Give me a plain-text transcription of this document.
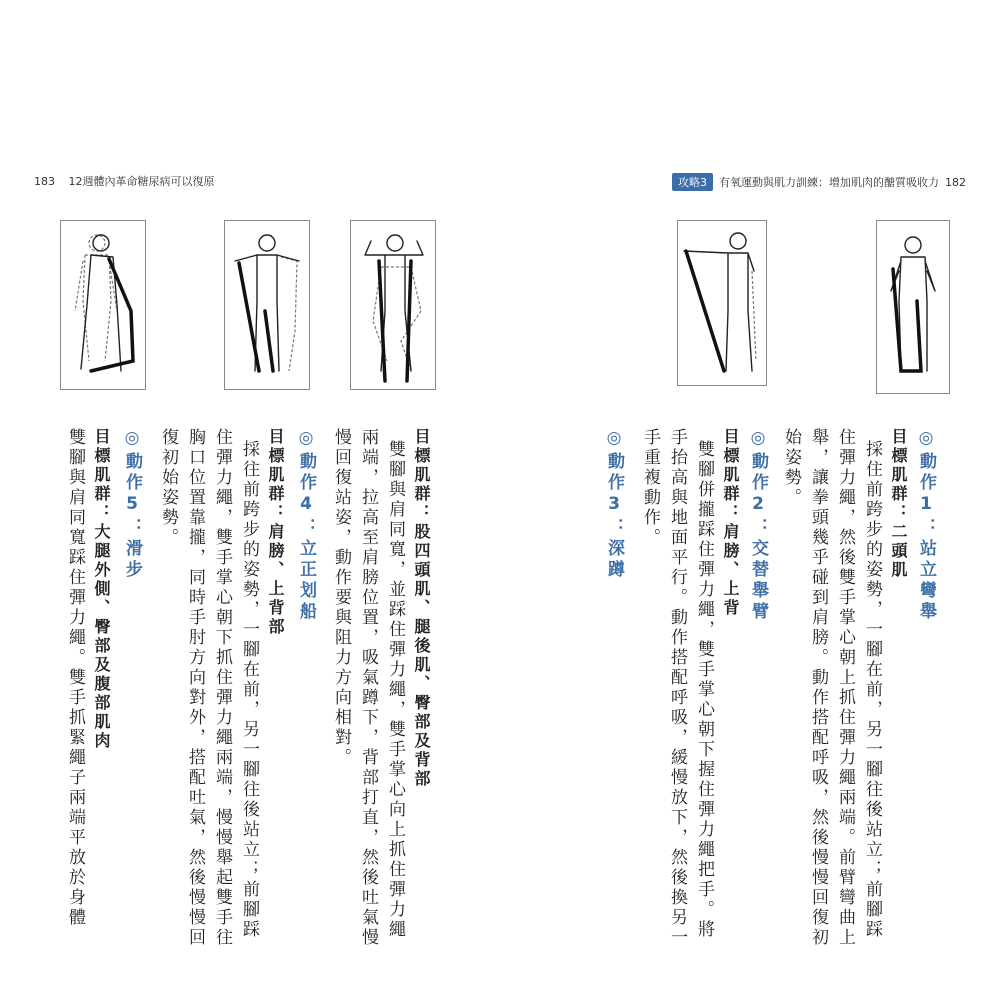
183 12週體內革命糖尿病可以復原	攻略3	有氧運動與肌力訓練：增加肌肉的醣質吸收力 182
◎動作1：站立彎舉
目標肌群：二頭肌
採住前跨步的姿勢，一腳在前，另一腳往後站立；前腳踩
住彈力繩，然後雙手掌心朝上抓住彈力繩兩端。前臂彎曲上
舉，讓拳頭幾乎碰到肩膀。動作搭配呼吸，然後慢慢回復初
始姿勢。
◎動作2：交替舉臂
目標肌群：肩膀、上背
雙腳併攏踩住彈力繩，雙手掌心朝下握住彈力繩把手。將
手抬高與地面平行。動作搭配呼吸，緩慢放下，然後換另一
手重複動作。
◎動作3：深蹲
目標肌群：股四頭肌、腿後肌、臀部及背部
雙腳與肩同寬，並踩住彈力繩，雙手掌心向上抓住彈力繩
兩端，拉高至肩膀位置，吸氣蹲下，背部打直，然後吐氣慢
慢回復站姿，動作要與阻力方向相對。
◎動作4：立正划船
目標肌群：肩膀、上背部
採往前跨步的姿勢，一腳在前，另一腳往後站立；前腳踩
住彈力繩，雙手掌心朝下抓住彈力繩兩端，慢慢舉起雙手往
胸口位置靠攏，同時手肘方向對外，搭配吐氣，然後慢慢回
復初始姿勢。
◎動作5：滑步
目標肌群：大腿外側、臀部及腹部肌肉
雙腳與肩同寬踩住彈力繩。雙手抓緊繩子兩端平放於身體
